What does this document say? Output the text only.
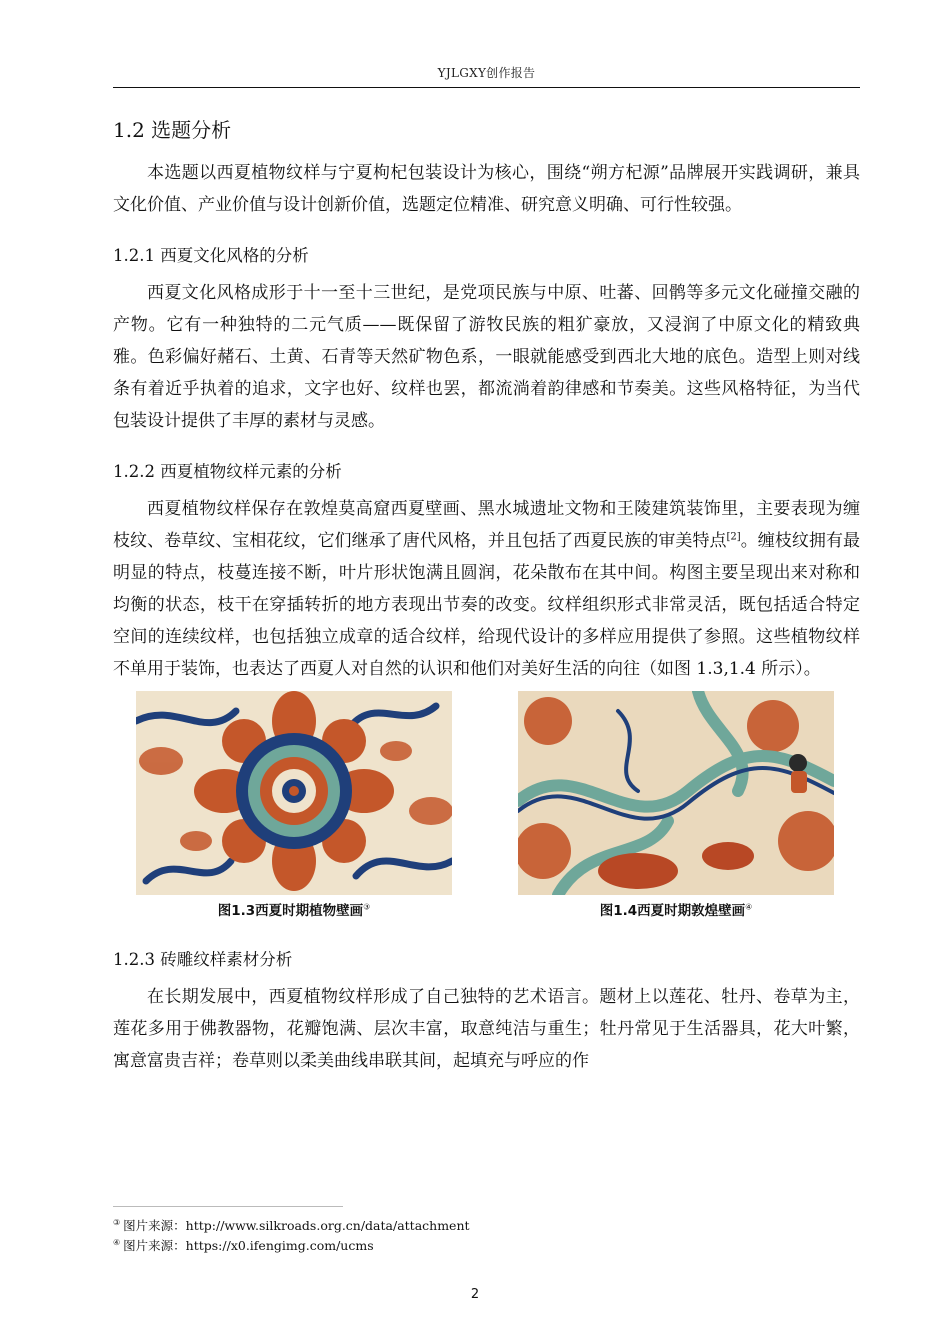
YJLGXY创作报告
1.2 选题分析

本选题以西夏植物纹样与宁夏枸杞包装设计为核心，围绕“朔方杞源”品牌展开实践调研，兼具文化价值、产业价值与设计创新价值，选题定位精准、研究意义明确、可行性较强。

1.2.1 西夏文化风格的分析

西夏文化风格成形于十一至十三世纪，是党项民族与中原、吐蕃、回鹘等多元文化碰撞交融的产物。它有一种独特的二元气质——既保留了游牧民族的粗犷豪放，又浸润了中原文化的精致典雅。色彩偏好赭石、土黄、石青等天然矿物色系，一眼就能感受到西北大地的底色。造型上则对线条有着近乎执着的追求，文字也好、纹样也罢，都流淌着韵律感和节奏美。这些风格特征，为当代包装设计提供了丰厚的素材与灵感。

1.2.2 西夏植物纹样元素的分析

西夏植物纹样保存在敦煌莫高窟西夏壁画、黑水城遗址文物和王陵建筑装饰里，主要表现为缠枝纹、卷草纹、宝相花纹，它们继承了唐代风格，并且包括了西夏民族的审美特点[2]。缠枝纹拥有最明显的特点，枝蔓连接不断，叶片形状饱满且圆润，花朵散布在其中间。构图主要呈现出来对称和均衡的状态，枝干在穿插转折的地方表现出节奏的改变。纹样组织形式非常灵活，既包括适合特定空间的连续纹样，也包括独立成章的适合纹样，给现代设计的多样应用提供了参照。这些植物纹样不单用于装饰，也表达了西夏人对自然的认识和他们对美好生活的向往（如图 1.3,1.4 所示）。

图1.3西夏时期植物壁画③	图1.4西夏时期敦煌壁画④
1.2.3 砖雕纹样素材分析

在长期发展中，西夏植物纹样形成了自己独特的艺术语言。题材上以莲花、牡丹、卷草为主，莲花多用于佛教器物，花瓣饱满、层次丰富，取意纯洁与重生；牡丹常见于生活器具，花大叶繁，寓意富贵吉祥；卷草则以柔美曲线串联其间，起填充与呼应的作

③ 图片来源：http://www.silkroads.org.cn/data/attachment
④ 图片来源：https://x0.ifengimg.com/ucms
2
